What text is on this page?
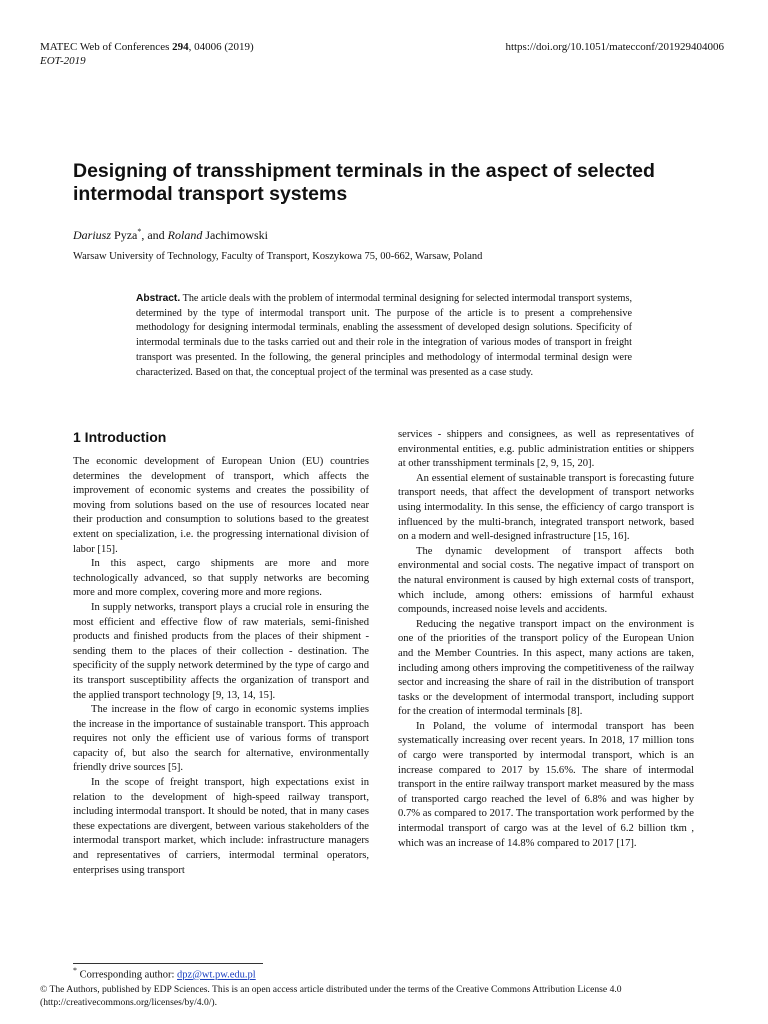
MATEC Web of Conferences 294, 04006 (2019)
EOT-2019
https://doi.org/10.1051/matecconf/201929404006
Designing of transshipment terminals in the aspect of selected intermodal transport systems
Dariusz Pyza*, and Roland Jachimowski
Warsaw University of Technology, Faculty of Transport, Koszykowa 75, 00-662, Warsaw, Poland
Abstract. The article deals with the problem of intermodal terminal designing for selected intermodal transport systems, determined by the type of intermodal transport unit. The purpose of the article is to present a comprehensive methodology for designing intermodal terminals, enabling the assessment of developed design solutions. Specificity of intermodal terminals due to the tasks carried out and their role in the integration of various modes of transport in freight transport was presented. In the following, the general principles and methodology of intermodal terminal design were characterized. Based on that, the conceptual project of the terminal was presented as a case study.
1 Introduction

The economic development of European Union (EU) countries determines the development of transport, which affects the improvement of economic systems and creates the possibility of moving from solutions based on the use of resources located near their production and consumption to solutions based to the greatest extent on specialization, i.e. the progressing international division of labor [15].

In this aspect, cargo shipments are more and more technologically advanced, so that supply networks are becoming more and more complex, covering more and more regions.

In supply networks, transport plays a crucial role in ensuring the most efficient and effective flow of raw materials, semi-finished products and finished products from the places of their shipment - sending them to the places of their collection - destination. The specificity of the supply network determined by the type of cargo and its transport susceptibility affects the organization of transport and the applied transport technology [9, 13, 14, 15].

The increase in the flow of cargo in economic systems implies the increase in the importance of sustainable transport. This approach requires not only the efficient use of various forms of transport capacity of, but also the search for alternative, environmentally friendly drive sources [5].

In the scope of freight transport, high expectations exist in relation to the development of high-speed railway transport, including intermodal transport. It should be noted, that in many cases these expectations are divergent, between various stakeholders of the intermodal transport market, which include: infrastructure managers and representatives of carriers, intermodal terminal operators, enterprises using transport

services - shippers and consignees, as well as representatives of environmental entities, e.g. public administration entities or shippers at other transshipment terminals [2, 9, 15, 20].

An essential element of sustainable transport is forecasting future transport needs, that affect the development of transport networks using intermodality. In this sense, the efficiency of cargo transport is influenced by the multi-branch, integrated transport network, based on a modern and well-designed infrastructure [15, 16].

The dynamic development of transport affects both environmental and social costs. The negative impact of transport on the natural environment is caused by high external costs of transport, which include, among others: emissions of harmful exhaust compounds, increased noise levels and accidents.

Reducing the negative transport impact on the environment is one of the priorities of the transport policy of the European Union and the Member Countries. In this aspect, many actions are taken, including among others improving the competitiveness of the railway sector and increasing the share of rail in the distribution of transport tasks or the development of intermodal transport, including support for the creation of intermodal terminals [8].

In Poland, the volume of intermodal transport has been systematically increasing over recent years. In 2018, 17 million tons of cargo were transported by intermodal transport, which is an increase compared to 2017 by 15.6%. The share of intermodal transport in the entire railway transport market measured by the mass of transported cargo reached the level of 6.8% and was higher by 0.7% as compared to 2017. The transportation work performed by the intermodal transport of cargo was at the level of 6.2 billion tkm , which was an increase of 14.8% compared to 2017 [17].

* Corresponding author: dpz@wt.pw.edu.pl
© The Authors, published by EDP Sciences. This is an open access article distributed under the terms of the Creative Commons Attribution License 4.0
(http://creativecommons.org/licenses/by/4.0/).
